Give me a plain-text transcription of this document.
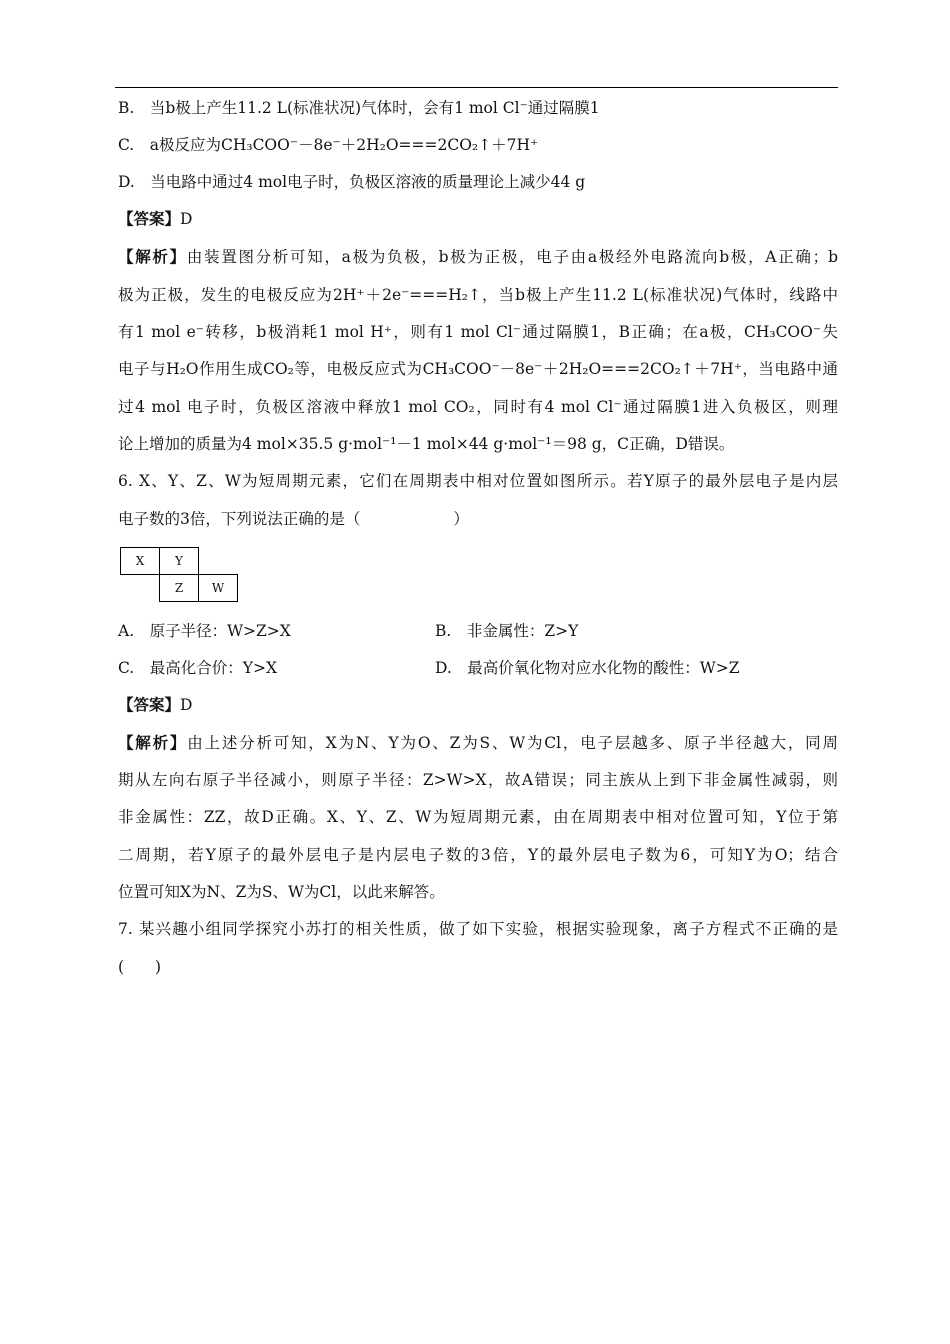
B.　当b极上产生11.2 L(标准状况)气体时，会有1 mol Cl⁻通过隔膜1
C.　a极反应为CH₃COO⁻－8e⁻＋2H₂O===2CO₂↑＋7H⁺
D.　当电路中通过4 mol电子时，负极区溶液的质量理论上减少44 g
【答案】D
【解析】由装置图分析可知，a极为负极，b极为正极，电子由a极经外电路流向b极，A正确；b
极为正极，发生的电极反应为2H⁺＋2e⁻===H₂↑，当b极上产生11.2 L(标准状况)气体时，线路中
有1 mol e⁻转移，b极消耗1 mol H⁺，则有1 mol Cl⁻通过隔膜1，B正确；在a极，CH₃COO⁻失
电子与H₂O作用生成CO₂等，电极反应式为CH₃COO⁻－8e⁻＋2H₂O===2CO₂↑＋7H⁺，当电路中通
过4 mol 电子时，负极区溶液中释放1 mol CO₂，同时有4 mol Cl⁻通过隔膜1进入负极区，则理
论上增加的质量为4 mol×35.5 g·mol⁻¹－1 mol×44 g·mol⁻¹＝98 g，C正确，D错误。
6. X、Y、Z、W为短周期元素，它们在周期表中相对位置如图所示。若Y原子的最外层电子是内层
电子数的3倍，下列说法正确的是（　　　　　　）
X	Y	
	Z	W
A.　原子半径：W>Z>X	B.　非金属性：Z>Y
C.　最高化合价：Y>X	D.　最高价氧化物对应水化物的酸性：W>Z
【答案】D
【解析】由上述分析可知，X为N、Y为O、Z为S、W为Cl，电子层越多、原子半径越大，同周
期从左向右原子半径减小，则原子半径：Z>W>X，故A错误；同主族从上到下非金属性减弱，则
非金属性：ZZ，故D正确。X、Y、Z、W为短周期元素，由在周期表中相对位置可知，Y位于第
二周期，若Y原子的最外层电子是内层电子数的3倍，Y的最外层电子数为6，可知Y为O；结合
位置可知X为N、Z为S、W为Cl，以此来解答。
7. 某兴趣小组同学探究小苏打的相关性质，做了如下实验，根据实验现象，离子方程式不正确的是
(　　)
